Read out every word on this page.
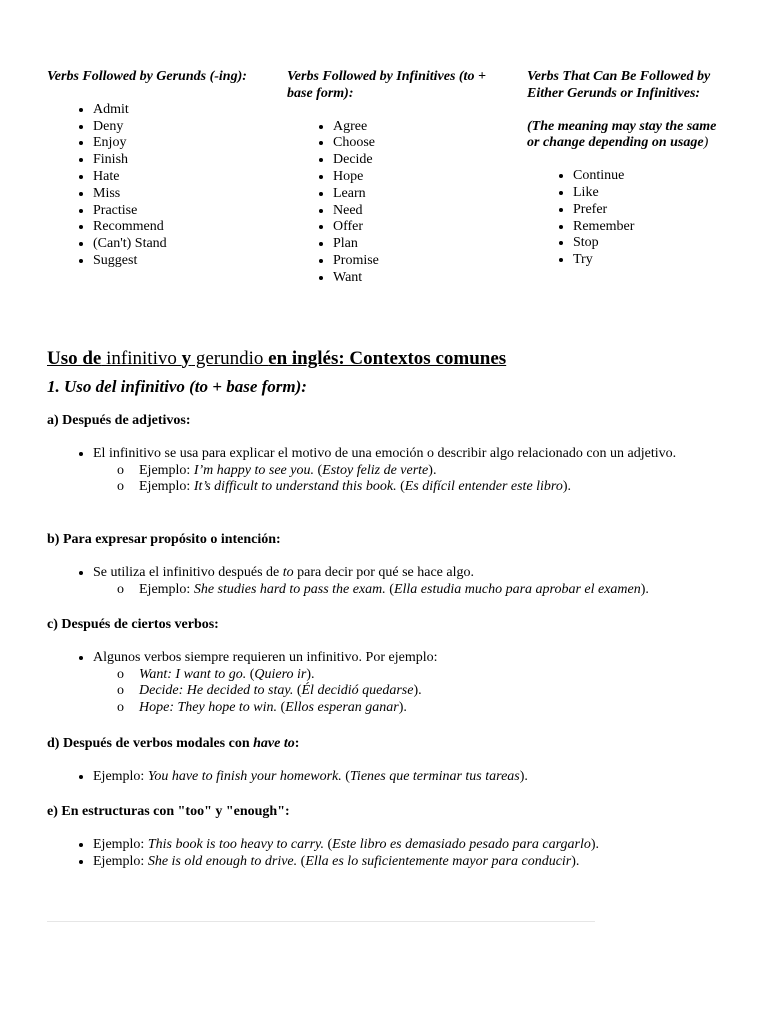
Verbs Followed by Gerunds (-ing):

• Admit
• Deny
• Enjoy
• Finish
• Hate
• Miss
• Practise
• Recommend
• (Can't) Stand
• Suggest

Verbs Followed by Infinitives (to + base form):

• Agree
• Choose
• Decide
• Hope
• Learn
• Need
• Offer
• Plan
• Promise
• Want

Verbs That Can Be Followed by Either Gerunds or Infinitives:

(The meaning may stay the same or change depending on usage)

• Continue
• Like
• Prefer
• Remember
• Stop
• Try
Uso de infinitivo y gerundio en inglés: Contextos comunes
1. Uso del infinitivo (to + base form):

a) Después de adjetivos:

• El infinitivo se usa para explicar el motivo de una emoción o describir algo relacionado con un adjetivo.
o Ejemplo: I’m happy to see you. (Estoy feliz de verte).
o Ejemplo: It’s difficult to understand this book. (Es difícil entender este libro).

b) Para expresar propósito o intención:

• Se utiliza el infinitivo después de to para decir por qué se hace algo.
o Ejemplo: She studies hard to pass the exam. (Ella estudia mucho para aprobar el examen).

c) Después de ciertos verbos:

• Algunos verbos siempre requieren un infinitivo. Por ejemplo:
o Want: I want to go. (Quiero ir).
o Decide: He decided to stay. (Él decidió quedarse).
o Hope: They hope to win. (Ellos esperan ganar).

d) Después de verbos modales con have to:

• Ejemplo: You have to finish your homework. (Tienes que terminar tus tareas).

e) En estructuras con "too" y "enough":

• Ejemplo: This book is too heavy to carry. (Este libro es demasiado pesado para cargarlo).
• Ejemplo: She is old enough to drive. (Ella es lo suficientemente mayor para conducir).
